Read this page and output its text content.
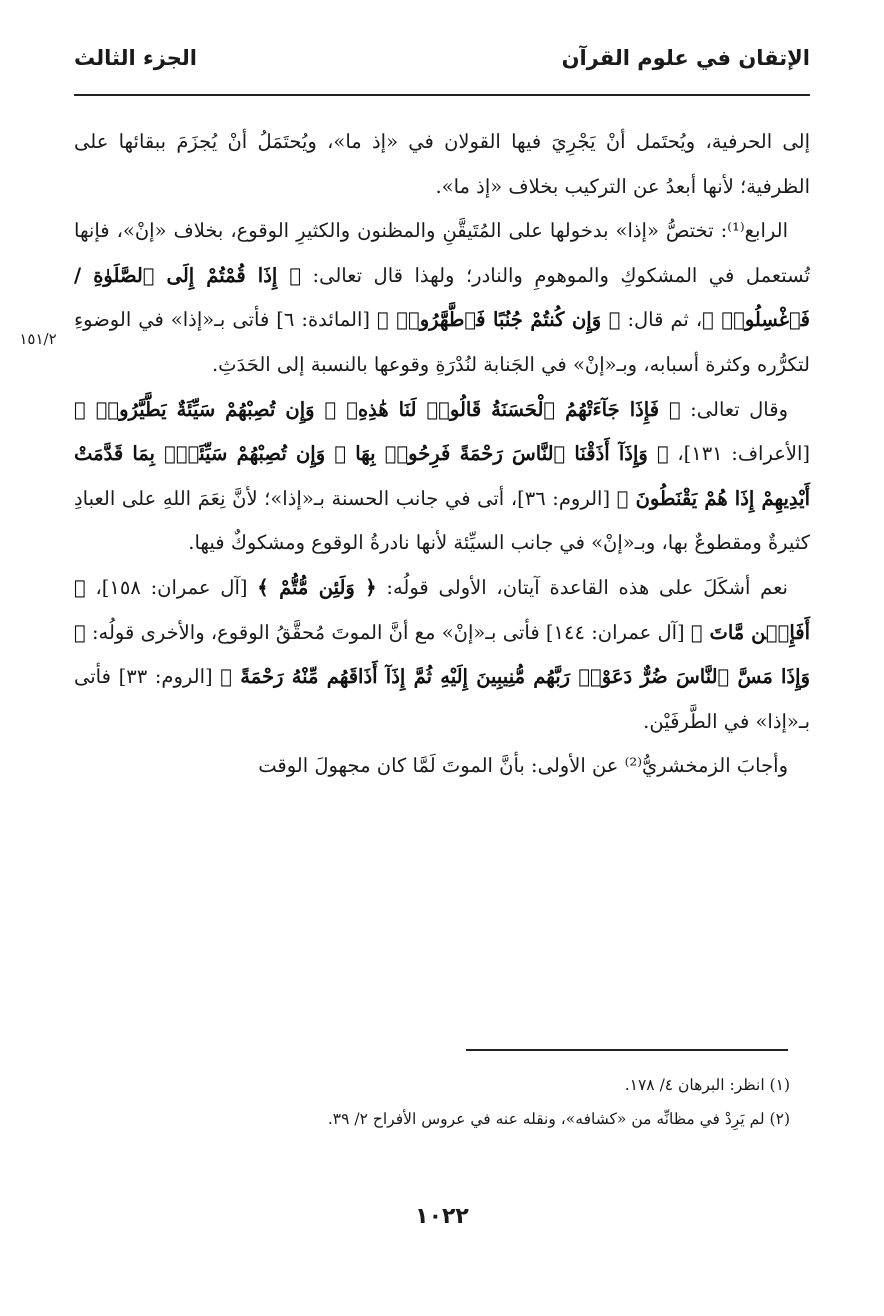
الإتقان في علوم القرآن
الجزء الثالث
١٥١/٢

إلى الحرفية، ويُحتَمل أنْ يَجْرِيَ فيها القولان في «إذ ما»، ويُحتَمَلُ أنْ يُجزَمَ ببقائها على الظرفية؛ لأنها أبعدُ عن التركيب بخلاف «إذ ما».

الرابع⁽¹⁾: تختصُّ «إذا» بدخولها على المُتَيقَّنِ والمظنون والكثيرِ الوقوع، بخلاف «إنْ»، فإنها تُستعمل في المشكوكِ والموهومِ والنادر؛ ولهذا قال تعالى: ﴿ إِذَا قُمْتُمْ إِلَى ٱلصَّلَوٰةِ / فَٱغْسِلُوا۟ ﴾، ثم قال: ﴿ وَإِن كُنتُمْ جُنُبًا فَٱطَّهَّرُوا۟ ﴾ [المائدة: ٦] فأتى بـ«إذا» في الوضوءِ لتكرُّره وكثرة أسبابه، وبـ«إنْ» في الجَنابة لنُدْرَةِ وقوعها بالنسبة إلى الحَدَثِ.

وقال تعالى: ﴿ فَإِذَا جَآءَتْهُمُ ٱلْحَسَنَةُ قَالُوا۟ لَنَا هَٰذِهِۦ ۖ وَإِن تُصِبْهُمْ سَيِّئَةٌ يَطَّيَّرُوا۟ ﴾ [الأعراف: ١٣١]، ﴿ وَإِذَآ أَذَقْنَا ٱلنَّاسَ رَحْمَةً فَرِحُوا۟ بِهَا ۖ وَإِن تُصِبْهُمْ سَيِّئَةٌۢ بِمَا قَدَّمَتْ أَيْدِيهِمْ إِذَا هُمْ يَقْنَطُونَ ﴾ [الروم: ٣٦]، أتى في جانب الحسنة بـ«إذا»؛ لأنَّ نِعَمَ اللهِ على العبادِ كثيرةٌ ومقطوعٌ بها، وبـ«إنْ» في جانب السيِّئة لأنها نادرةُ الوقوع ومشكوكٌ فيها.

نعم أشكَلَ على هذه القاعدة آيتان، الأولى قولُه: ﴿ وَلَئِن مُّتُّمْ ﴾ [آل عمران: ١٥٨]، ﴿ أَفَإِي۟ن مَّاتَ ﴾ [آل عمران: ١٤٤] فأتى بـ«إنْ» مع أنَّ الموتَ مُحقَّقُ الوقوع، والأخرى قولُه: ﴿ وَإِذَا مَسَّ ٱلنَّاسَ ضُرٌّ دَعَوْا۟ رَبَّهُم مُّنِيبِينَ إِلَيْهِ ثُمَّ إِذَآ أَذَاقَهُم مِّنْهُ رَحْمَةً ﴾ [الروم: ٣٣] فأتى بـ«إذا» في الطَّرفَيْن.

وأجابَ الزمخشريُّ⁽²⁾ عن الأولى: بأنَّ الموتَ لَمَّا كان مجهولَ الوقت

(١) انظر: البرهان ٤/ ١٧٨.
(٢) لم يَرِدْ في مظانِّه من «كشافه»، ونقله عنه في عروس الأفراح ٢/ ٣٩.
١٠٢٢
